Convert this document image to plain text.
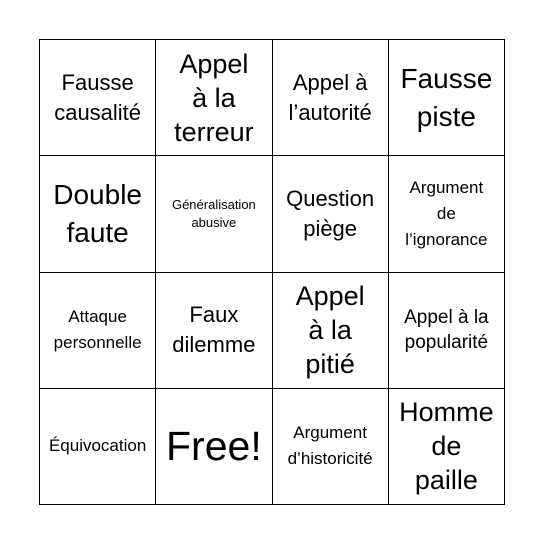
Fausse
causalité
Appel
à la
terreur
Appel à
l’autorité
Fausse
piste
Double
faute
Généralisation
abusive
Question
piège
Argument
de
l’ignorance
Attaque
personnelle
Faux
dilemme
Appel
à la
pitié
Appel à la
popularité
Équivocation Free!	Argument
d’historicité
Homme
de
paille
